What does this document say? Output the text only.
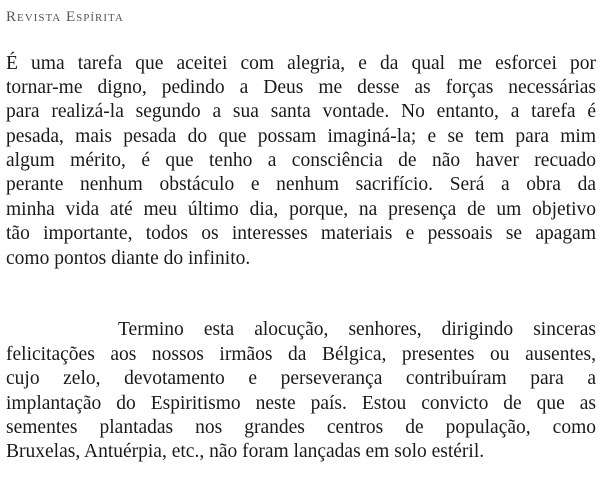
Revista Espírita
É uma tarefa que aceitei com alegria, e da qual me esforcei por
tornar-me digno, pedindo a Deus me desse as forças necessárias
para realizá-la segundo a sua santa vontade. No entanto, a tarefa é
pesada, mais pesada do que possam imaginá-la; e se tem para mim
algum mérito, é que tenho a consciência de não haver recuado
perante nenhum obstáculo e nenhum sacrifício. Será a obra da
minha vida até meu último dia, porque, na presença de um objetivo
tão importante, todos os interesses materiais e pessoais se apagam
como pontos diante do infinito.
Termino esta alocução, senhores, dirigindo sinceras
felicitações aos nossos irmãos da Bélgica, presentes ou ausentes,
cujo zelo, devotamento e perseverança contribuíram para a
implantação do Espiritismo neste país. Estou convicto de que as
sementes plantadas nos grandes centros de população, como
Bruxelas, Antuérpia, etc., não foram lançadas em solo estéril.
